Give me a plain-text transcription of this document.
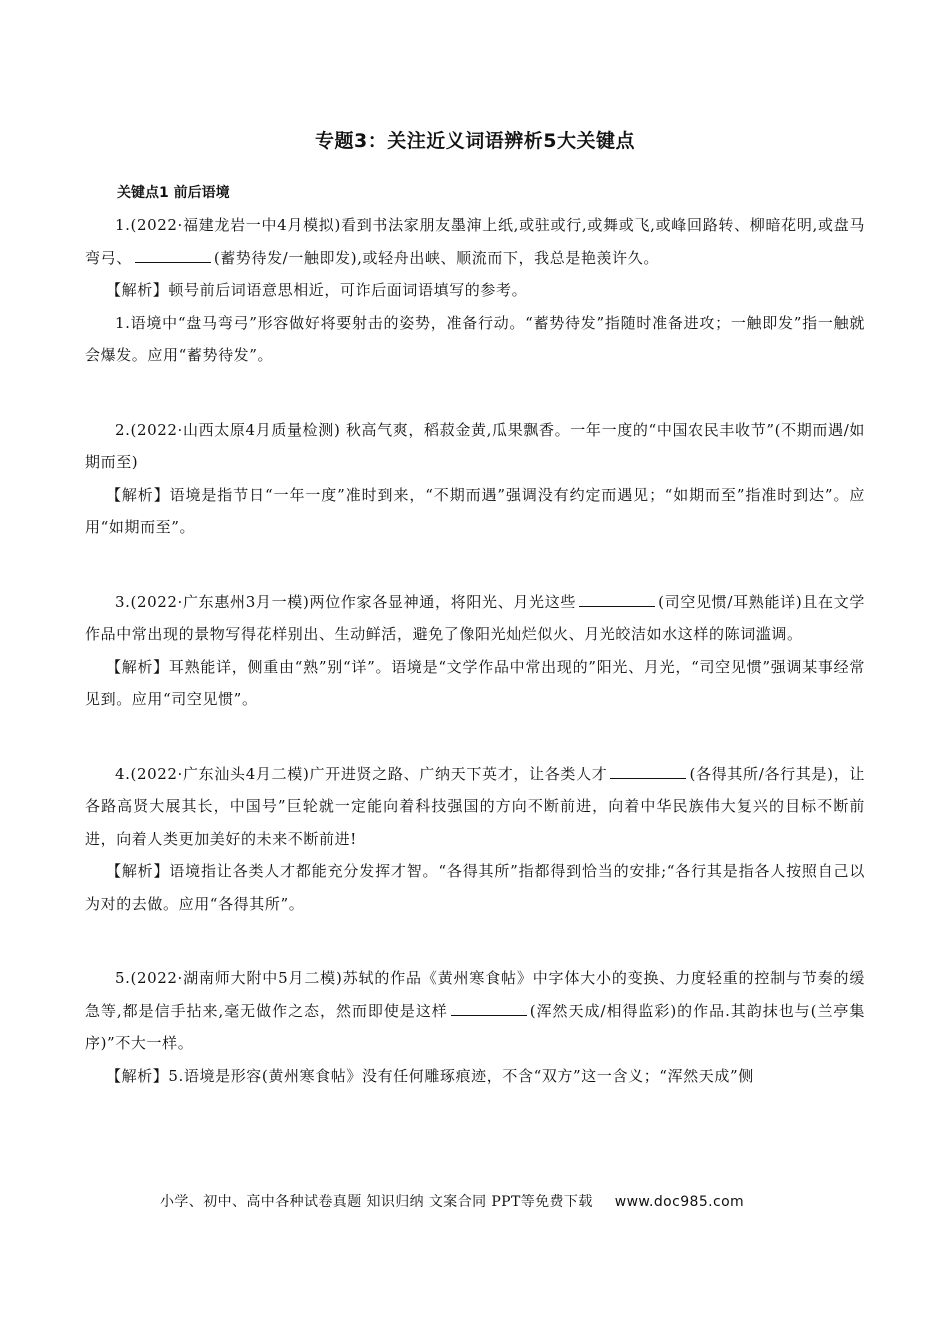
专题3：关注近义词语辨析5大关键点
关键点1 前后语境

1.(2022·福建龙岩一中4月模拟)看到书法家朋友墨渖上纸,或驻或行,或舞或飞,或峰回路转、柳暗花明,或盘马弯弓、	(蓄势待发/一触即发),或轻舟出峡、顺流而下，我总是艳羡许久。

【解析】顿号前后词语意思相近，可诈后面词语填写的参考。

1.语境中“盘马弯弓”形容做好将要射击的姿势，准备行动。“蓄势待发”指随时准备进攻；一触即发”指一触就会爆发。应用“蓄势待发”。

2.(2022·山西太原4月质量检测) 秋高气爽，稻菽金黄,瓜果飘香。一年一度的“中国农民丰收节”(不期而遇/如期而至)

【解析】语境是指节日“一年一度”准时到来，“不期而遇”强调没有约定而遇见；“如期而至”指准时到达”。应用“如期而至”。

3.(2022·广东惠州3月一模)两位作家各显神通，将阳光、月光这些	(司空见惯/耳熟能详)且在文学作品中常出现的景物写得花样别出、生动鲜活，避免了像阳光灿烂似火、月光皎洁如水这样的陈词滥调。

【解析】耳熟能详，侧重由“熟”别“详”。语境是“文学作品中常出现的”阳光、月光，“司空见惯”强调某事经常见到。应用“司空见惯”。

4.(2022·广东汕头4月二模)广开进贤之路、广纳天下英才，让各类人才	(各得其所/各行其是)，让各路高贤大展其长，中国号”巨轮就一定能向着科技强国的方向不断前进，向着中华民族伟大复兴的目标不断前进，向着人类更加美好的未来不断前进!

【解析】语境指让各类人才都能充分发挥才智。“各得其所”指都得到恰当的安排;“各行其是指各人按照自己以为对的去做。应用“各得其所”。

5.(2022·湖南师大附中5月二模)苏轼的作品《黄州寒食帖》中字体大小的变换、力度轻重的控制与节奏的缓急等,都是信手拈来,毫无做作之态，然而即使是这样	(浑然天成/相得监彩)的作品.其韵抹也与(兰亭集序)”不大一样。

【解析】5.语境是形容(黄州寒食帖》没有任何雕琢痕迹，不含“双方”这一含义；“浑然天成”侧

小学、初中、高中各种试卷真题 知识归纳 文案合同 PPT等免费下载 www.doc985.com
